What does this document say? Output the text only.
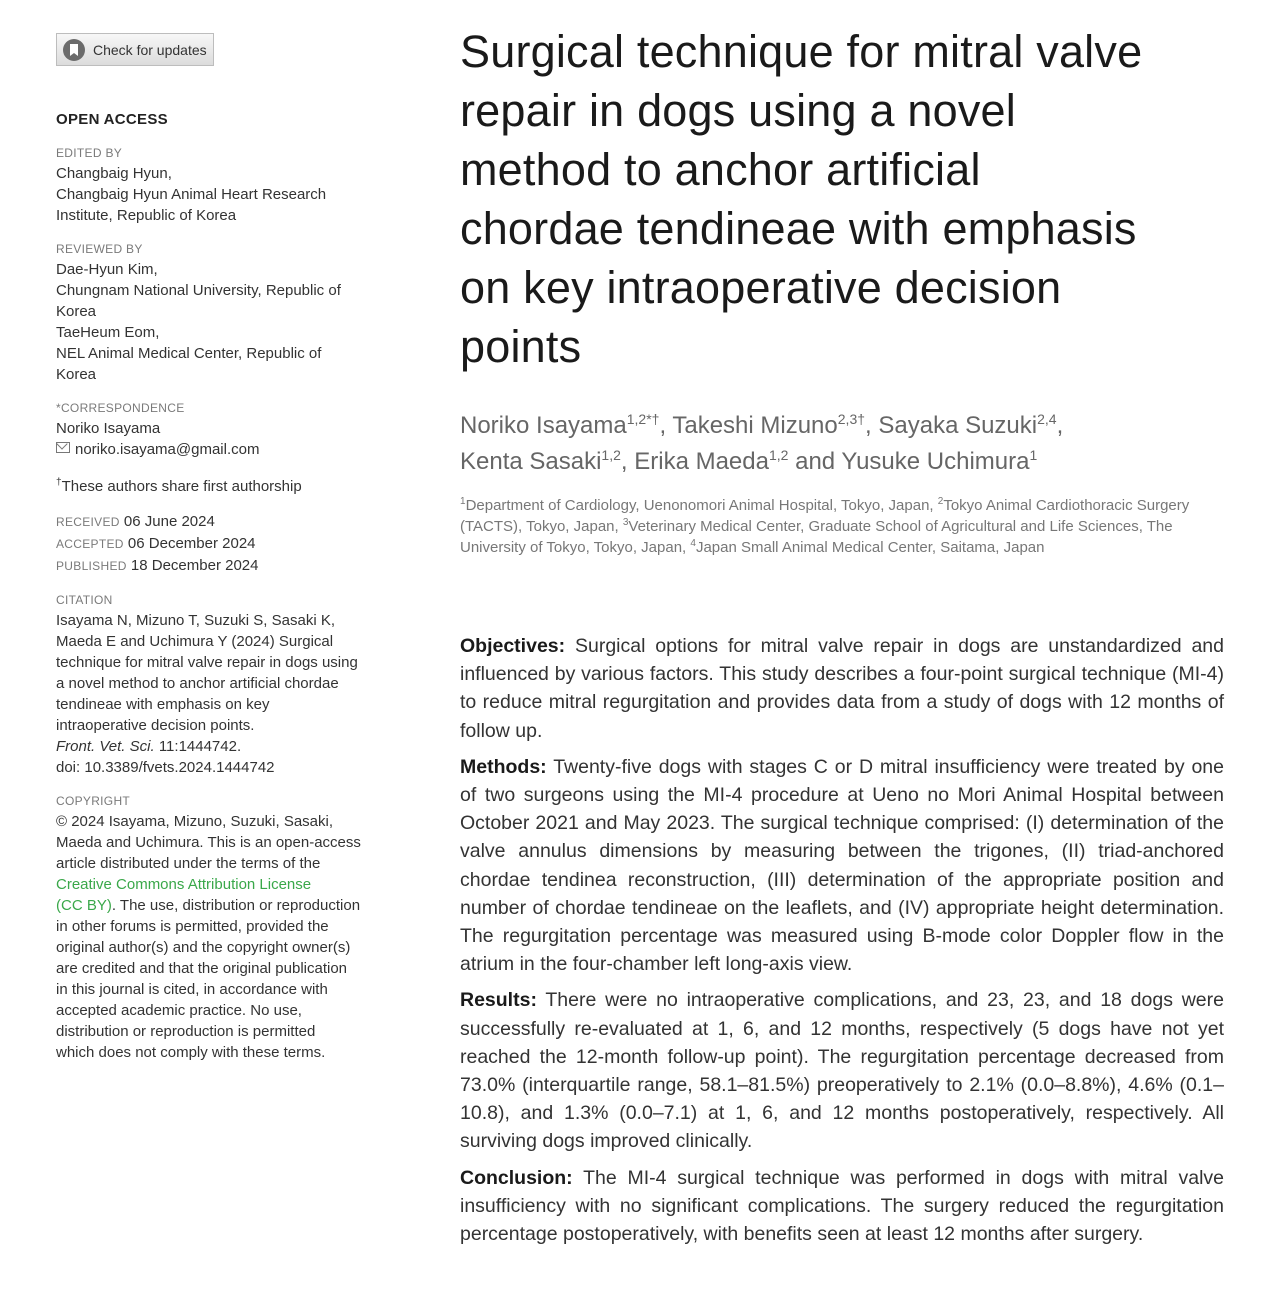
Check for updates
OPEN ACCESS
EDITED BY
Changbaig Hyun,
Changbaig Hyun Animal Heart Research
Institute, Republic of Korea
REVIEWED BY
Dae-Hyun Kim,
Chungnam National University, Republic of
Korea
TaeHeum Eom,
NEL Animal Medical Center, Republic of
Korea
*CORRESPONDENCE
Noriko Isayama
noriko.isayama@gmail.com
†These authors share first authorship
RECEIVED 06 June 2024
ACCEPTED 06 December 2024
PUBLISHED 18 December 2024
CITATION
Isayama N, Mizuno T, Suzuki S, Sasaki K,
Maeda E and Uchimura Y (2024) Surgical
technique for mitral valve repair in dogs using
a novel method to anchor artificial chordae
tendineae with emphasis on key
intraoperative decision points.
Front. Vet. Sci. 11:1444742.
doi: 10.3389/fvets.2024.1444742
COPYRIGHT
© 2024 Isayama, Mizuno, Suzuki, Sasaki,
Maeda and Uchimura. This is an open-access
article distributed under the terms of the
Creative Commons Attribution License
(CC BY). The use, distribution or reproduction
in other forums is permitted, provided the
original author(s) and the copyright owner(s)
are credited and that the original publication
in this journal is cited, in accordance with
accepted academic practice. No use,
distribution or reproduction is permitted
which does not comply with these terms.
Surgical technique for mitral valve
repair in dogs using a novel
method to anchor artificial
chordae tendineae with emphasis
on key intraoperative decision
points
Noriko Isayama$^{1,2*\dagger}$, Takeshi Mizuno$^{2,3\dagger}$, Sayaka Suzuki$^{2,4}$,
Kenta Sasaki$^{1,2}$, Erika Maeda$^{1,2}$ and Yusuke Uchimura$^1$
$^1$Department of Cardiology, Uenonomori Animal Hospital, Tokyo, Japan, $^2$Tokyo Animal Cardiothoracic Surgery (TACTS), Tokyo, Japan, $^3$Veterinary Medical Center, Graduate School of Agricultural and Life Sciences, The University of Tokyo, Tokyo, Japan, $^4$Japan Small Animal Medical Center, Saitama, Japan

Objectives: Surgical options for mitral valve repair in dogs are unstandardized and influenced by various factors. This study describes a four-point surgical technique (MI-4) to reduce mitral regurgitation and provides data from a study of dogs with 12 months of follow up.

Methods: Twenty-five dogs with stages C or D mitral insufficiency were treated by one of two surgeons using the MI-4 procedure at Ueno no Mori Animal Hospital between October 2021 and May 2023. The surgical technique comprised: (I) determination of the valve annulus dimensions by measuring between the trigones, (II) triad-anchored chordae tendinea reconstruction, (III) determination of the appropriate position and number of chordae tendineae on the leaflets, and (IV) appropriate height determination. The regurgitation percentage was measured using B-mode color Doppler flow in the atrium in the four-chamber left long-axis view.

Results: There were no intraoperative complications, and 23, 23, and 18 dogs were successfully re-evaluated at 1, 6, and 12 months, respectively (5 dogs have not yet reached the 12-month follow-up point). The regurgitation percentage decreased from 73.0% (interquartile range, 58.1–81.5%) preoperatively to 2.1% (0.0–8.8%), 4.6% (0.1–10.8), and 1.3% (0.0–7.1) at 1, 6, and 12 months postoperatively, respectively. All surviving dogs improved clinically.

Conclusion: The MI-4 surgical technique was performed in dogs with mitral valve insufficiency with no significant complications. The surgery reduced the regurgitation percentage postoperatively, with benefits seen at least 12 months after surgery.
